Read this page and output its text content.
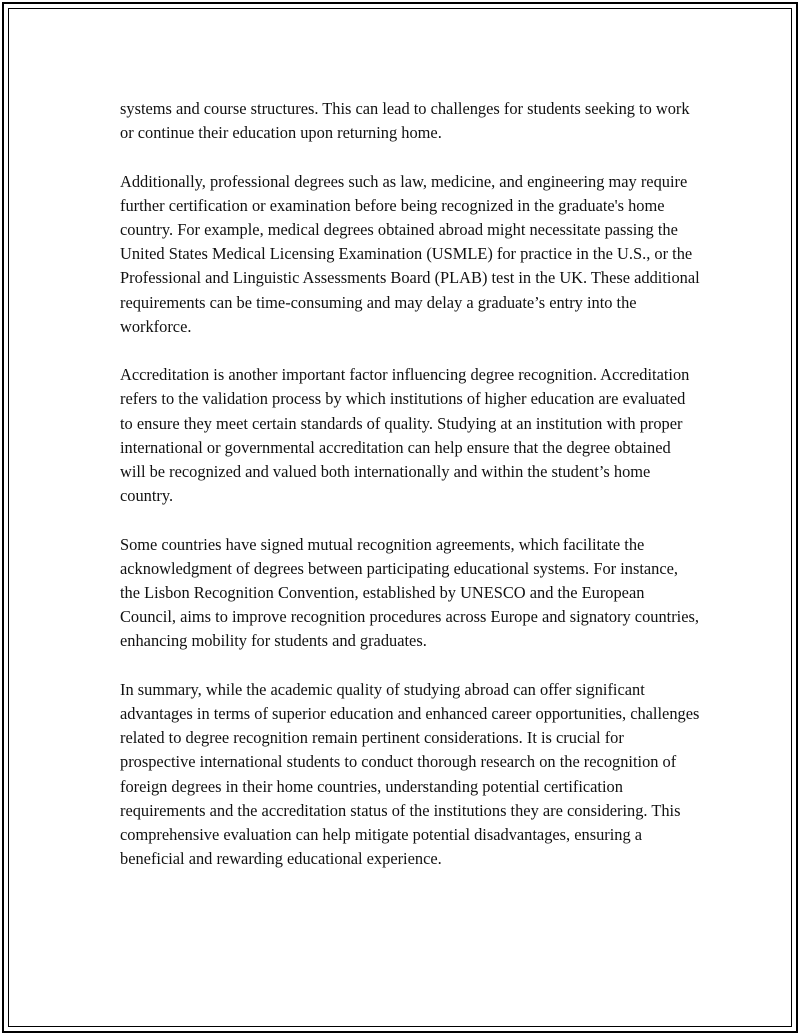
systems and course structures. This can lead to challenges for students seeking to work or continue their education upon returning home.

Additionally, professional degrees such as law, medicine, and engineering may require further certification or examination before being recognized in the graduate's home country. For example, medical degrees obtained abroad might necessitate passing the United States Medical Licensing Examination (USMLE) for practice in the U.S., or the Professional and Linguistic Assessments Board (PLAB) test in the UK. These additional requirements can be time-consuming and may delay a graduate’s entry into the workforce.

Accreditation is another important factor influencing degree recognition. Accreditation refers to the validation process by which institutions of higher education are evaluated to ensure they meet certain standards of quality. Studying at an institution with proper international or governmental accreditation can help ensure that the degree obtained will be recognized and valued both internationally and within the student’s home country.

Some countries have signed mutual recognition agreements, which facilitate the acknowledgment of degrees between participating educational systems. For instance, the Lisbon Recognition Convention, established by UNESCO and the European Council, aims to improve recognition procedures across Europe and signatory countries, enhancing mobility for students and graduates.

In summary, while the academic quality of studying abroad can offer significant advantages in terms of superior education and enhanced career opportunities, challenges related to degree recognition remain pertinent considerations. It is crucial for prospective international students to conduct thorough research on the recognition of foreign degrees in their home countries, understanding potential certification requirements and the accreditation status of the institutions they are considering. This comprehensive evaluation can help mitigate potential disadvantages, ensuring a beneficial and rewarding educational experience.
